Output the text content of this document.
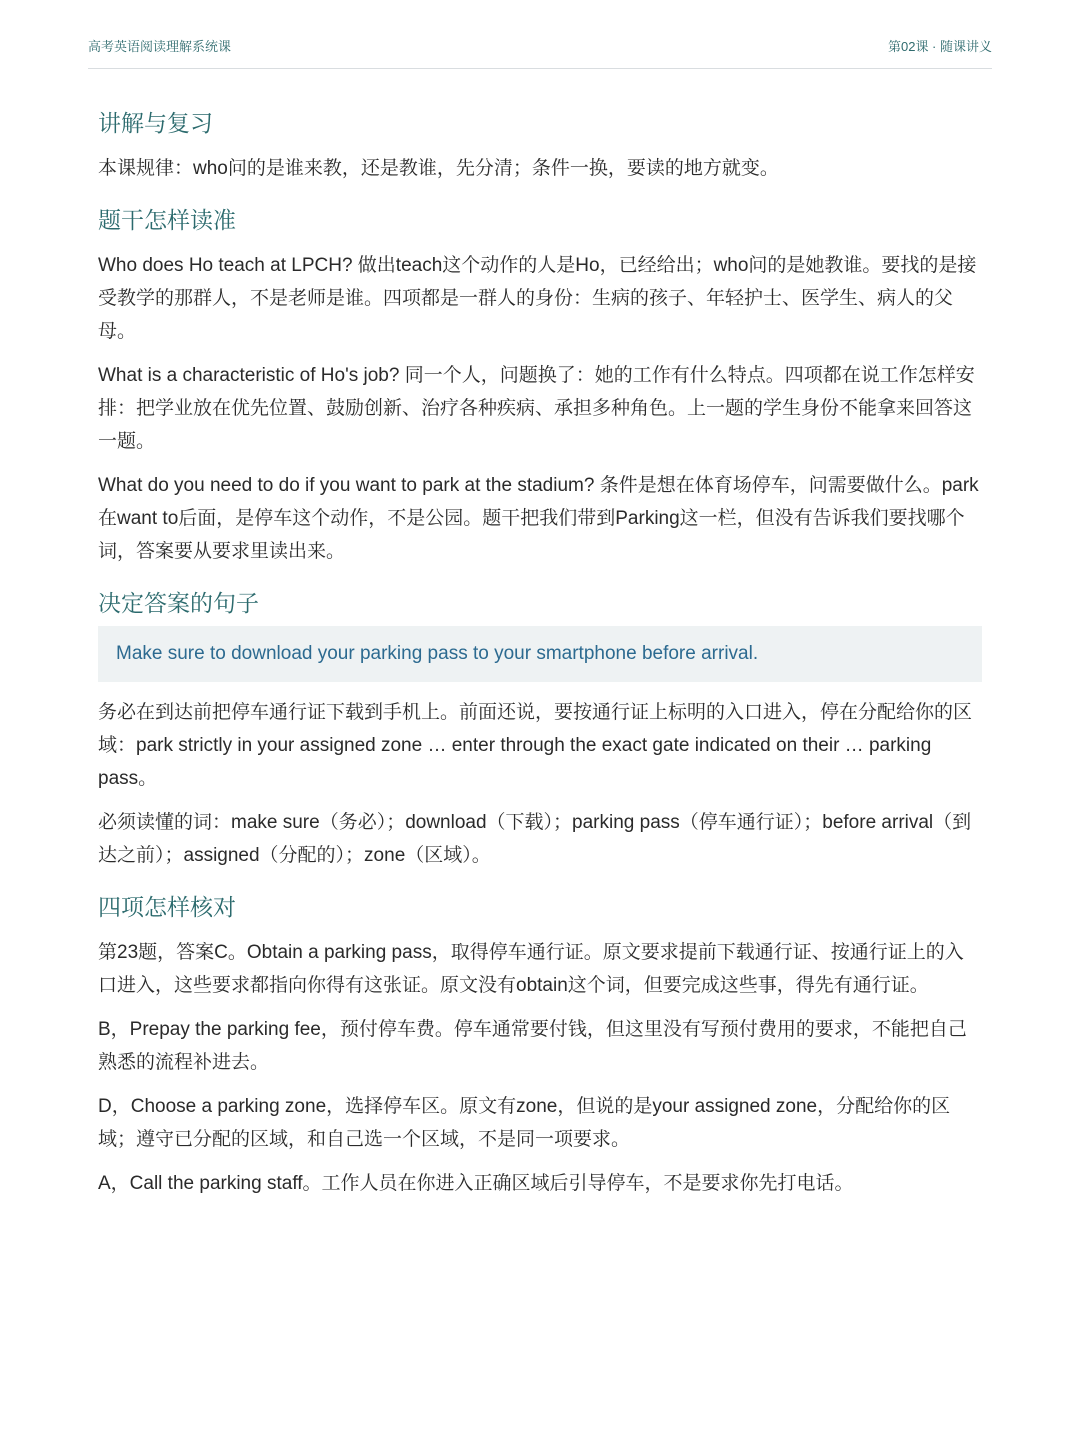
高考英语阅读理解系统课	第02课 · 随课讲义
讲解与复习

本课规律：who问的是谁来教，还是教谁，先分清；条件一换，要读的地方就变。

题干怎样读准

Who does Ho teach at LPCH? 做出teach这个动作的人是Ho，已经给出；who问的是她教谁。要找的是接受教学的那群人，不是老师是谁。四项都是一群人的身份：生病的孩子、年轻护士、医学生、病人的父母。

What is a characteristic of Ho's job? 同一个人，问题换了：她的工作有什么特点。四项都在说工作怎样安排：把学业放在优先位置、鼓励创新、治疗各种疾病、承担多种角色。上一题的学生身份不能拿来回答这一题。

What do you need to do if you want to park at the stadium? 条件是想在体育场停车，问需要做什么。park在want to后面，是停车这个动作，不是公园。题干把我们带到Parking这一栏，但没有告诉我们要找哪个词，答案要从要求里读出来。

决定答案的句子

Make sure to download your parking pass to your smartphone before arrival.

务必在到达前把停车通行证下载到手机上。前面还说，要按通行证上标明的入口进入，停在分配给你的区域：park strictly in your assigned zone … enter through the exact gate indicated on their … parking pass。

必须读懂的词：make sure（务必）；download（下载）；parking pass（停车通行证）；before arrival（到达之前）；assigned（分配的）；zone（区域）。

四项怎样核对

第23题，答案C。Obtain a parking pass，取得停车通行证。原文要求提前下载通行证、按通行证上的入口进入，这些要求都指向你得有这张证。原文没有obtain这个词，但要完成这些事，得先有通行证。

B，Prepay the parking fee，预付停车费。停车通常要付钱，但这里没有写预付费用的要求，不能把自己熟悉的流程补进去。

D，Choose a parking zone，选择停车区。原文有zone，但说的是your assigned zone，分配给你的区域；遵守已分配的区域，和自己选一个区域，不是同一项要求。

A，Call the parking staff。工作人员在你进入正确区域后引导停车，不是要求你先打电话。
